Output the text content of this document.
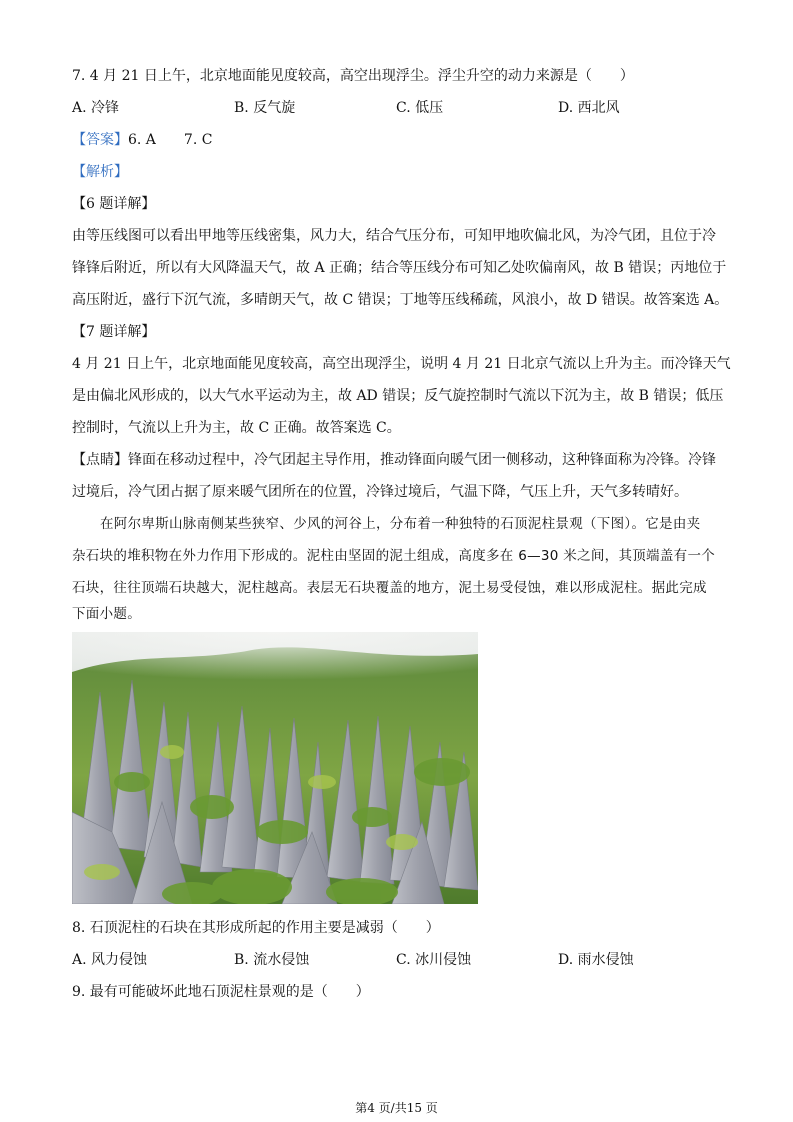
7. 4 月 21 日上午，北京地面能见度较高，高空出现浮尘。浮尘升空的动力来源是（　　）
A. 冷锋	B. 反气旋	C. 低压	D. 西北风
【答案】6. A　　7. C
【解析】
【6 题详解】
由等压线图可以看出甲地等压线密集，风力大，结合气压分布，可知甲地吹偏北风，为冷气团，且位于冷
锋锋后附近，所以有大风降温天气，故 A 正确；结合等压线分布可知乙处吹偏南风，故 B 错误；丙地位于
高压附近，盛行下沉气流，多晴朗天气，故 C 错误；丁地等压线稀疏，风浪小，故 D 错误。故答案选 A。
【7 题详解】
4 月 21 日上午，北京地面能见度较高，高空出现浮尘，说明 4 月 21 日北京气流以上升为主。而冷锋天气
是由偏北风形成的，以大气水平运动为主，故 AD 错误；反气旋控制时气流以下沉为主，故 B 错误；低压
控制时，气流以上升为主，故 C 正确。故答案选 C。
【点睛】锋面在移动过程中，冷气团起主导作用，推动锋面向暖气团一侧移动，这种锋面称为冷锋。冷锋
过境后，冷气团占据了原来暖气团所在的位置，冷锋过境后，气温下降，气压上升，天气多转晴好。
在阿尔卑斯山脉南侧某些狭窄、少风的河谷上，分布着一种独特的石顶泥柱景观（下图）。它是由夹
杂石块的堆积物在外力作用下形成的。泥柱由坚固的泥土组成，高度多在 6—30 米之间，其顶端盖有一个
石块，往往顶端石块越大，泥柱越高。表层无石块覆盖的地方，泥土易受侵蚀，难以形成泥柱。据此完成
下面小题。
8. 石顶泥柱的石块在其形成所起的作用主要是减弱（　　）
A. 风力侵蚀	B. 流水侵蚀	C. 冰川侵蚀	D. 雨水侵蚀
9. 最有可能破坏此地石顶泥柱景观的是（　　）
第4 页/共15 页
